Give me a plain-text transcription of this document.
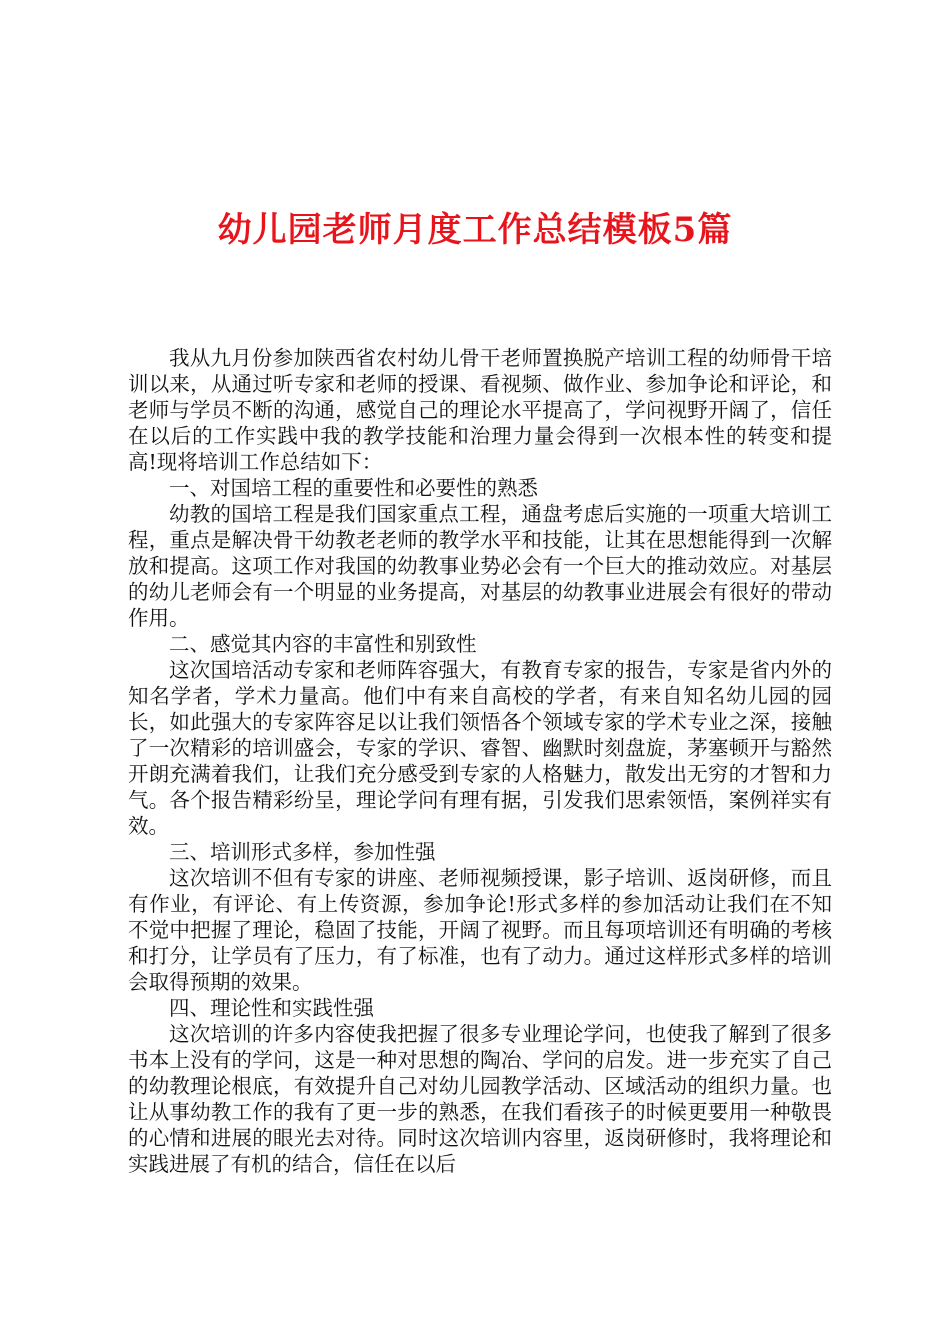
幼儿园老师月度工作总结模板5篇

我从九月份参加陕西省农村幼儿骨干老师置换脱产培训工程的幼师骨干培训以来，从通过听专家和老师的授课、看视频、做作业、参加争论和评论，和老师与学员不断的沟通，感觉自己的理论水平提高了，学问视野开阔了，信任在以后的工作实践中我的教学技能和治理力量会得到一次根本性的转变和提高!现将培训工作总结如下：

一、对国培工程的重要性和必要性的熟悉

幼教的国培工程是我们国家重点工程，通盘考虑后实施的一项重大培训工程，重点是解决骨干幼教老老师的教学水平和技能，让其在思想能得到一次解放和提高。这项工作对我国的幼教事业势必会有一个巨大的推动效应。对基层的幼儿老师会有一个明显的业务提高，对基层的幼教事业进展会有很好的带动作用。

二、感觉其内容的丰富性和别致性

这次国培活动专家和老师阵容强大，有教育专家的报告，专家是省内外的知名学者，学术力量高。他们中有来自高校的学者，有来自知名幼儿园的园长，如此强大的专家阵容足以让我们领悟各个领域专家的学术专业之深，接触了一次精彩的培训盛会，专家的学识、睿智、幽默时刻盘旋，茅塞顿开与豁然开朗充满着我们，让我们充分感受到专家的人格魅力，散发出无穷的才智和力气。各个报告精彩纷呈，理论学问有理有据，引发我们思索领悟，案例祥实有效。

三、培训形式多样，参加性强

这次培训不但有专家的讲座、老师视频授课，影子培训、返岗研修，而且有作业，有评论、有上传资源，参加争论!形式多样的参加活动让我们在不知不觉中把握了理论，稳固了技能，开阔了视野。而且每项培训还有明确的考核和打分，让学员有了压力，有了标准，也有了动力。通过这样形式多样的培训会取得预期的效果。

四、理论性和实践性强

这次培训的许多内容使我把握了很多专业理论学问，也使我了解到了很多书本上没有的学问，这是一种对思想的陶冶、学问的启发。进一步充实了自己的幼教理论根底，有效提升自己对幼儿园教学活动、区域活动的组织力量。也让从事幼教工作的我有了更一步的熟悉，在我们看孩子的时候更要用一种敬畏的心情和进展的眼光去对待。同时这次培训内容里，返岗研修时，我将理论和实践进展了有机的结合，信任在以后
